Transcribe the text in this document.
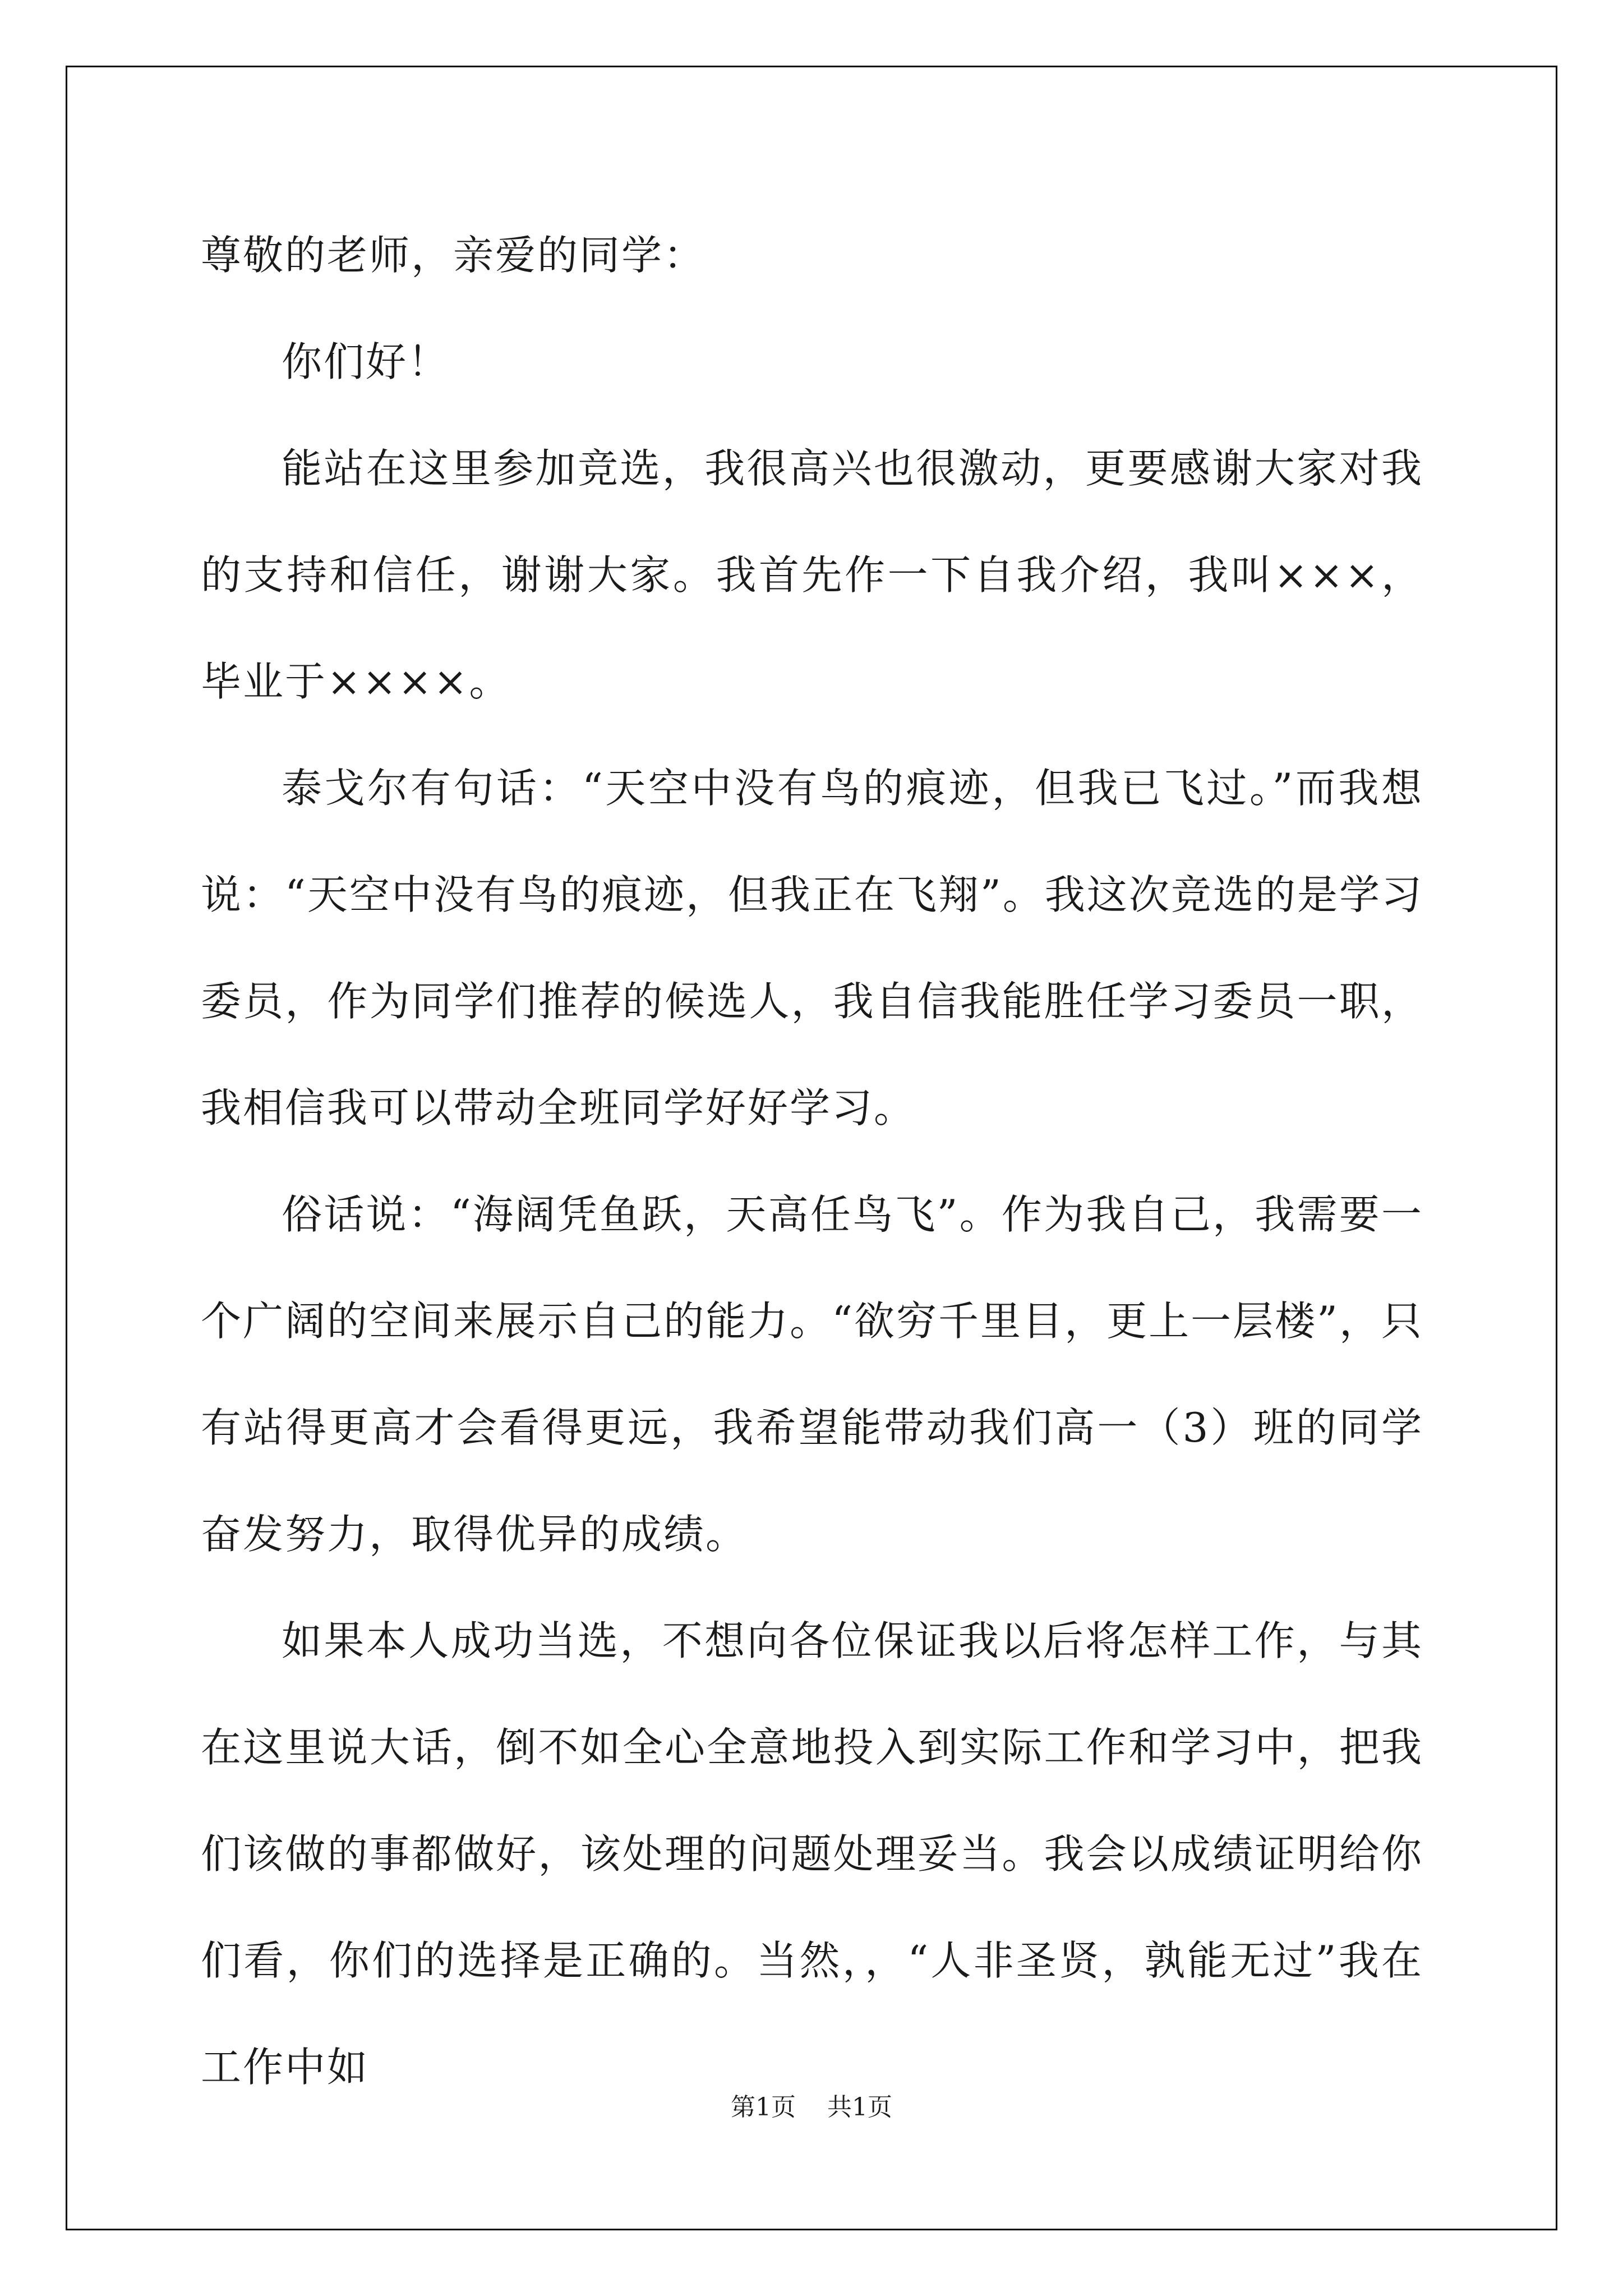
尊敬的老师，亲爱的同学：

你们好！

能站在这里参加竞选，我很高兴也很激动，更要感谢大家对我的支持和信任，谢谢大家。我首先作一下自我介绍，我叫×××，毕业于××××。

泰戈尔有句话：“天空中没有鸟的痕迹，但我已飞过。”而我想说：“天空中没有鸟的痕迹，但我正在飞翔”。我这次竞选的是学习委员，作为同学们推荐的候选人，我自信我能胜任学习委员一职，我相信我可以带动全班同学好好学习。

俗话说：“海阔凭鱼跃，天高任鸟飞”。作为我自己，我需要一个广阔的空间来展示自己的能力。“欲穷千里目，更上一层楼”，只有站得更高才会看得更远，我希望能带动我们高一（3）班的同学奋发努力，取得优异的成绩。

如果本人成功当选，不想向各位保证我以后将怎样工作，与其在这里说大话，倒不如全心全意地投入到实际工作和学习中，把我们该做的事都做好，该处理的问题处理妥当。我会以成绩证明给你们看，你们的选择是正确的。当然，，“人非圣贤，孰能无过”我在工作中如

第1页 共1页
